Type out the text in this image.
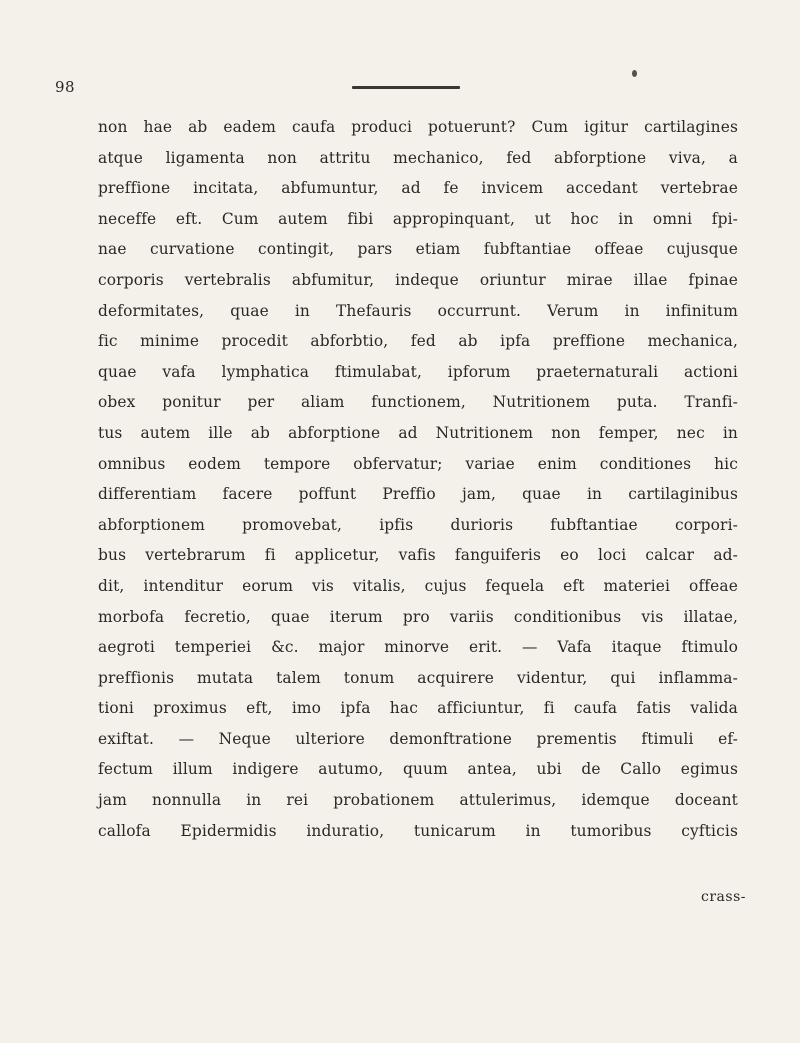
98
non hae ab eadem caufa produci potuerunt? Cum igitur cartilagines
atque ligamenta non attritu mechanico, fed abforptione viva, a
preffione incitata, abfumuntur, ad fe invicem accedant vertebrae
neceffe eft. Cum autem fibi appropinquant, ut hoc in omni fpi-
nae curvatione contingit, pars etiam fubftantiae offeae cujusque
corporis vertebralis abfumitur, indeque oriuntur mirae illae fpinae
deformitates, quae in Thefauris occurrunt. Verum in infinitum
fic minime procedit abforbtio, fed ab ipfa preffione mechanica,
quae vafa lymphatica ftimulabat, ipforum praeternaturali actioni
obex ponitur per aliam functionem, Nutritionem puta. Tranfi-
tus autem ille ab abforptione ad Nutritionem non femper, nec in
omnibus eodem tempore obfervatur; variae enim conditiones hic
differentiam facere poffunt Preffio jam, quae in cartilaginibus
abforptionem promovebat, ipfis durioris fubftantiae corpori-
bus vertebrarum fi applicetur, vafis fanguiferis eo loci calcar ad-
dit, intenditur eorum vis vitalis, cujus fequela eft materiei offeae
morbofa fecretio, quae iterum pro variis conditionibus vis illatae,
aegroti temperiei &c. major minorve erit. — Vafa itaque ftimulo
preffionis mutata talem tonum acquirere videntur, qui inflamma-
tioni proximus eft, imo ipfa hac afficiuntur, fi caufa fatis valida
exiftat. — Neque ulteriore demonftratione prementis ftimuli ef-
fectum illum indigere autumo, quum antea, ubi de Callo egimus
jam nonnulla in rei probationem attulerimus, idemque doceant
callofa Epidermidis induratio, tunicarum in tumoribus cyfticis
crass-
